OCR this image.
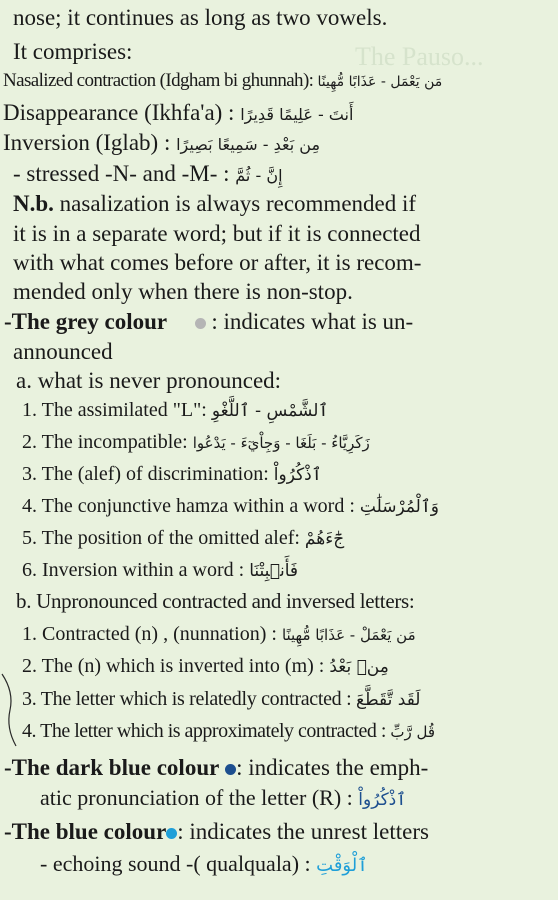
The Pauso...
nose; it continues as long as two vowels.
It comprises:
Nasalized contraction (Idgham bi ghunnah): مَن يَعْمَل - عَذَابًا مُّهِينًا
Disappearance (Ikhfa'a) : أَنتَ - عَلِيمًا قَدِيرًا
Inversion (Iglab) : مِن بَعْدِ - سَمِيعًا بَصِيرًا
- stressed -N- and -M- : إِنَّ - ثُمَّ
N.b. nasalization is always recommended if
it is in a separate word; but if it is connected
with what comes before or after, it is recom-
mended only when there is non-stop.
-The grey colour : indicates what is un-
announced
a. what is never pronounced:
1. The assimilated "L": ٱلشَّمْسِ - ٱللَّغْوِ
2. The incompatible: زَكَرِيَّاءُ - بَلَغَا - وَجِاْيٓءَ - يَدْعُوا
3. The (alef) of discrimination: ٱذْكُرُواْ
4. The conjunctive hamza within a word : وَٱلْمُرْسَلَٰتِ
5. The position of the omitted alef: جَٰٓءَهُمْ
6. Inversion within a word : فَأَنۢبِتْنَا
b. Unpronounced contracted and inversed letters:
1. Contracted (n) , (nunnation) : مَن يَعْمَلْ - عَذَابًا مُّهِينًا
2. The (n) which is inverted into (m) : مِنۢ بَعْدُ
3. The letter which is relatedly contracted : لَقَد تَّقَطَّعَ
4. The letter which is approximately contracted : قُل رَّبِّ
-The dark blue colour : indicates the emph-
atic pronunciation of the letter (R) : ٱذْكُرُواْ
-The blue colour : indicates the unrest letters
- echoing sound -( qualquala) : ٱلْوَقْتِ
